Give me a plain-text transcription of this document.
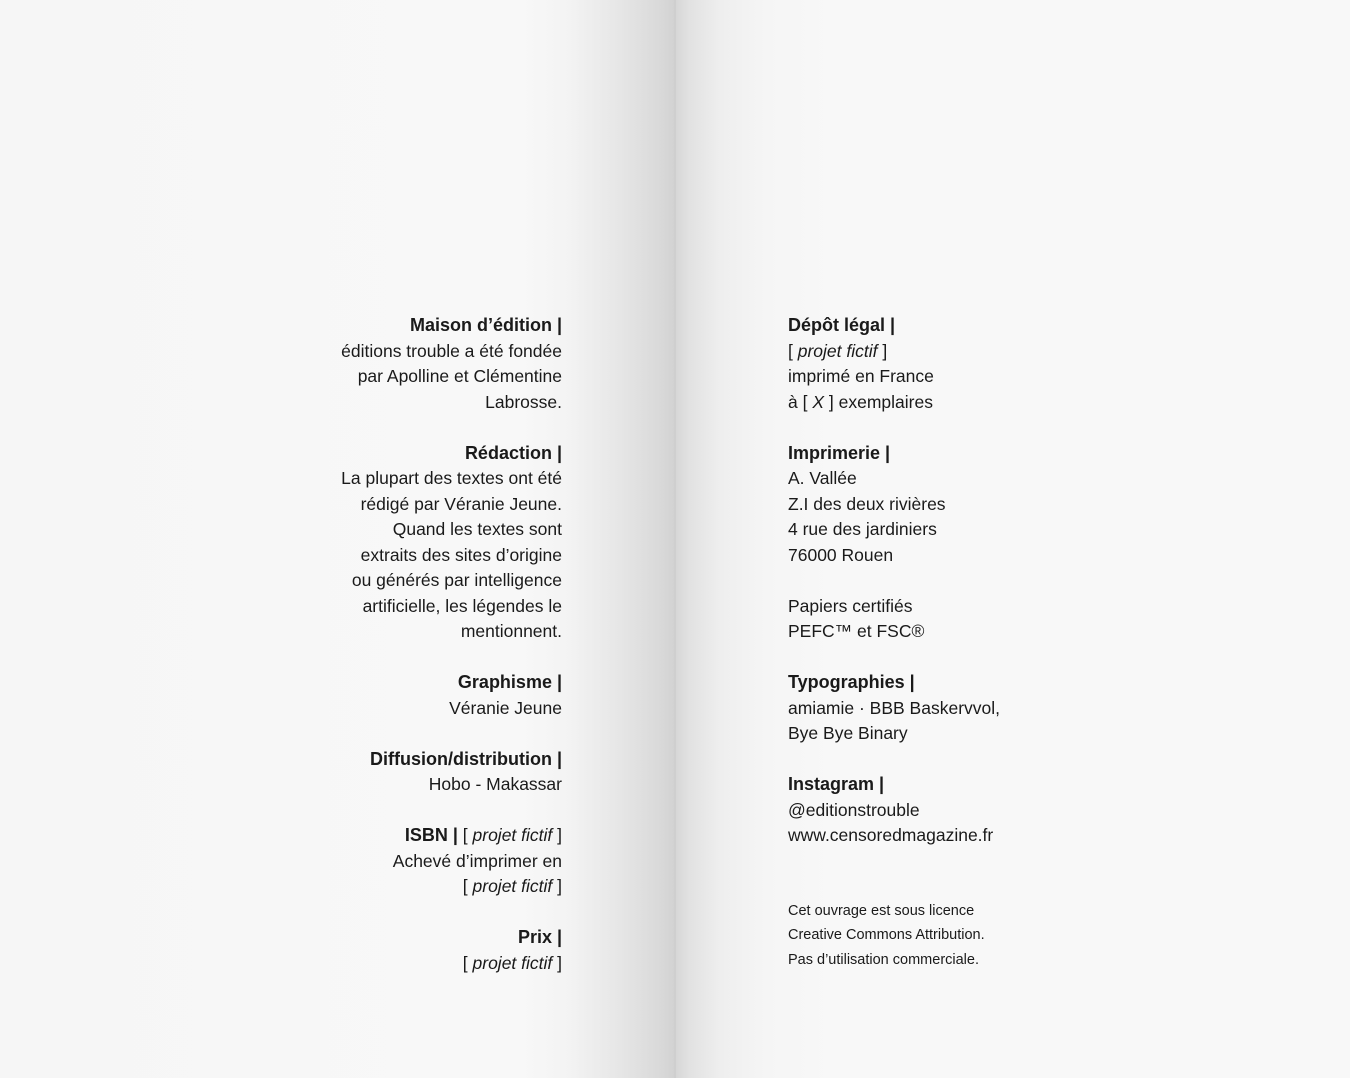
Maison d’édition |
éditions trouble a été fondée
par Apolline et Clémentine
Labrosse.
Rédaction |
La plupart des textes ont été
rédigé par Véranie Jeune.
Quand les textes sont
extraits des sites d’origine
ou générés par intelligence
artificielle, les légendes le
mentionnent.
Graphisme |
Véranie Jeune
Diffusion/distribution |
Hobo - Makassar
ISBN | [ projet fictif ]
Achevé d’imprimer en
[ projet fictif ]
Prix |
[ projet fictif ]
Dépôt légal |
[ projet fictif ]
imprimé en France
à [ X ] exemplaires
Imprimerie |
A. Vallée
Z.I des deux rivières
4 rue des jardiniers
76000 Rouen
Papiers certifiés
PEFC™ et FSC®
Typographies |
amiamie · BBB Baskervvol,
Bye Bye Binary
Instagram |
@editionstrouble
www.censoredmagazine.fr
Cet ouvrage est sous licence
Creative Commons Attribution.
Pas d’utilisation commerciale.
